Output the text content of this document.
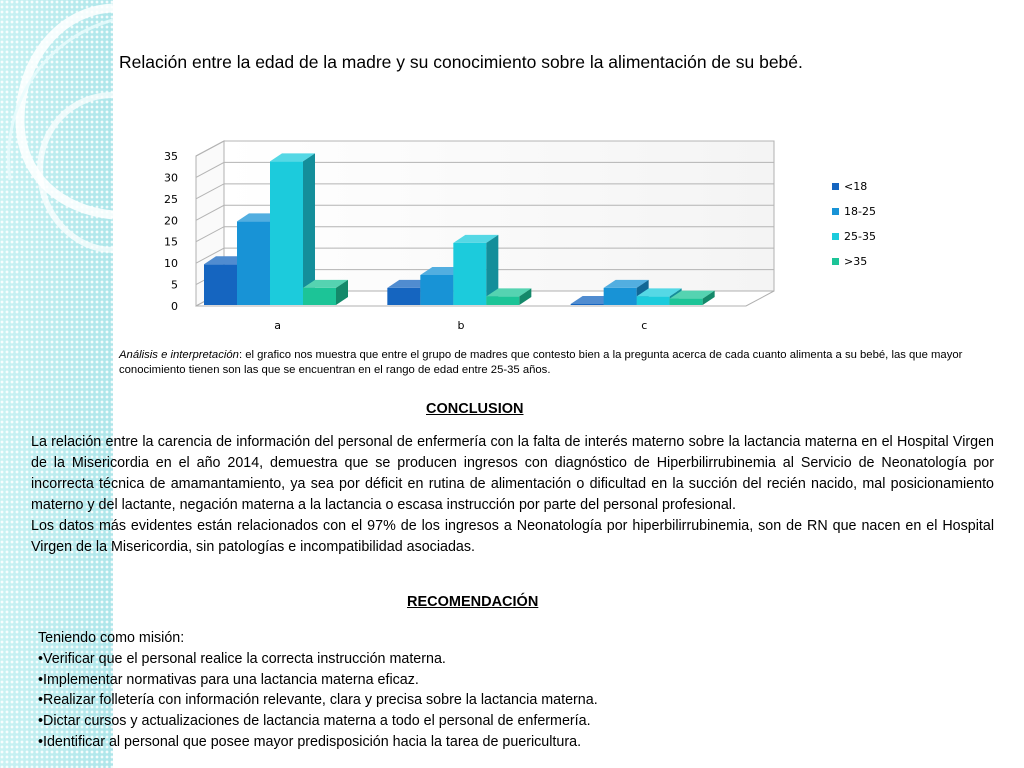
Relación entre la edad de la madre y su conocimiento sobre la alimentación de su bebé.
0
5
10
15
20
25
30
35
a	b	c
<18
18-25
25-35
>35

Análisis e interpretación: el grafico nos muestra que entre el grupo de madres que contesto bien a la pregunta acerca de cada cuanto alimenta a su bebé, las que mayor conocimiento tienen son las que se encuentran en el rango de edad entre 25-35 años.

CONCLUSION

La relación entre la carencia de información del personal de enfermería con la falta de interés materno sobre la lactancia materna en el Hospital Virgen de la Misericordia en el año 2014, demuestra que se producen ingresos con diagnóstico de Hiperbilirrubinemia al Servicio de Neonatología por incorrecta técnica de amamantamiento, ya sea por déficit en rutina de alimentación o dificultad en la succión del recién nacido, mal posicionamiento materno y del lactante, negación materna a la lactancia o escasa instrucción por parte del personal profesional.

Los datos más evidentes están relacionados con el 97% de los ingresos a Neonatología por hiperbilirrubinemia, son de RN que nacen en el Hospital Virgen de la Misericordia, sin patologías e incompatibilidad asociadas.

RECOMENDACIÓN
Teniendo como misión:
•Verificar que el personal realice la correcta instrucción materna.
•Implementar normativas para una lactancia materna eficaz.
•Realizar folletería con información relevante, clara y precisa sobre la lactancia materna.
•Dictar cursos y actualizaciones de lactancia materna a todo el personal de enfermería.
•Identificar al personal que posee mayor predisposición hacia la tarea de puericultura.
